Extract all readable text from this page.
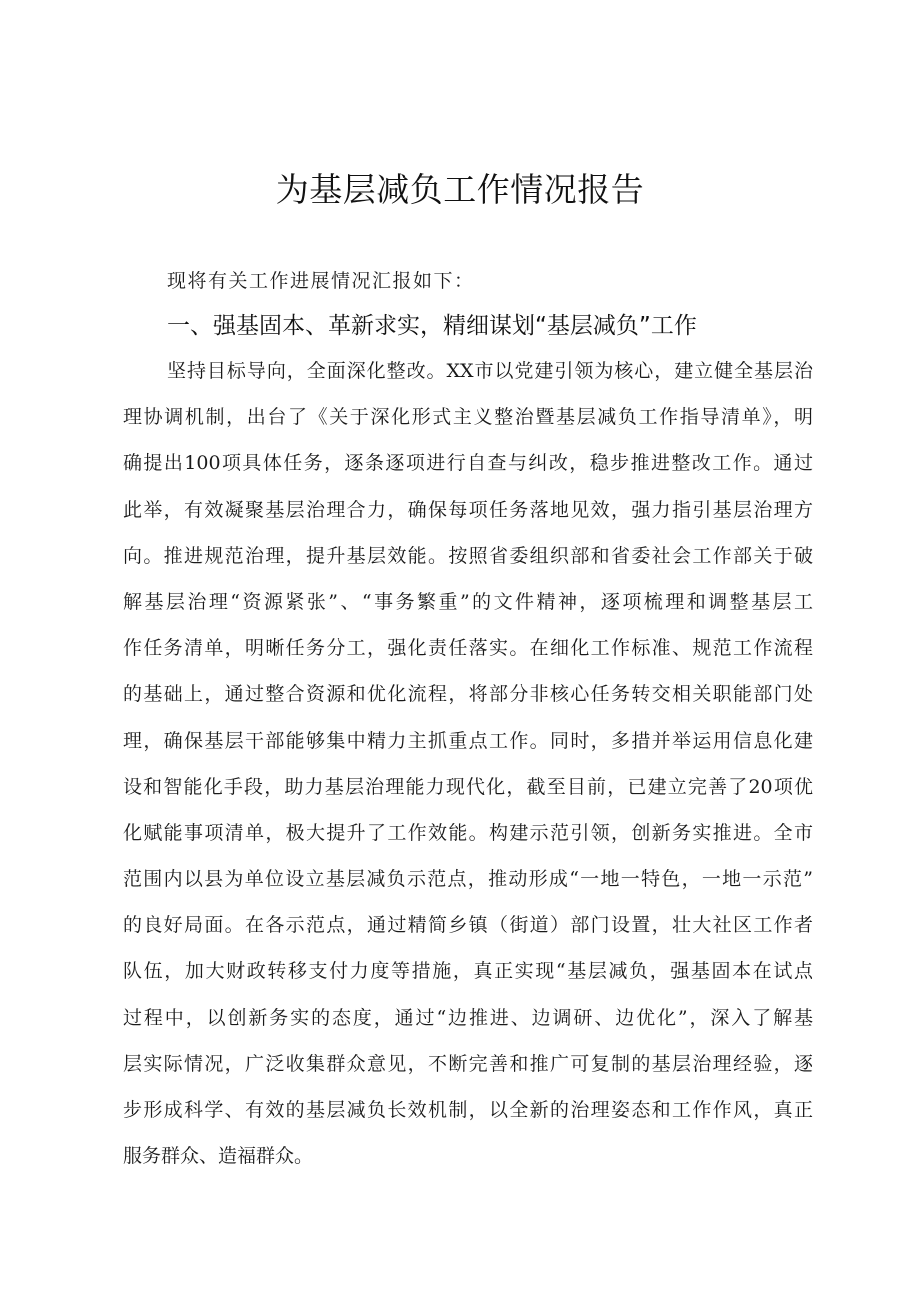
为基层减负工作情况报告

现将有关工作进展情况汇报如下：

一、强基固本、革新求实，精细谋划“基层减负”工作
坚持目标导向，全面深化整改。XX市以党建引领为核心，建立健全基层治
理协调机制，出台了《关于深化形式主义整治暨基层减负工作指导清单》，明
确提出100项具体任务，逐条逐项进行自查与纠改，稳步推进整改工作。通过
此举，有效凝聚基层治理合力，确保每项任务落地见效，强力指引基层治理方
向。推进规范治理，提升基层效能。按照省委组织部和省委社会工作部关于破
解基层治理“资源紧张”、“事务繁重”的文件精神，逐项梳理和调整基层工
作任务清单，明晰任务分工，强化责任落实。在细化工作标准、规范工作流程
的基础上，通过整合资源和优化流程，将部分非核心任务转交相关职能部门处
理，确保基层干部能够集中精力主抓重点工作。同时，多措并举运用信息化建
设和智能化手段，助力基层治理能力现代化，截至目前，已建立完善了20项优
化赋能事项清单，极大提升了工作效能。构建示范引领，创新务实推进。全市
范围内以县为单位设立基层减负示范点，推动形成“一地一特色，一地一示范”
的良好局面。在各示范点，通过精简乡镇（街道）部门设置，壮大社区工作者
队伍，加大财政转移支付力度等措施，真正实现“基层减负，强基固本在试点
过程中，以创新务实的态度，通过“边推进、边调研、边优化”，深入了解基
层实际情况，广泛收集群众意见，不断完善和推广可复制的基层治理经验，逐
步形成科学、有效的基层减负长效机制，以全新的治理姿态和工作作风，真正
服务群众、造福群众。
